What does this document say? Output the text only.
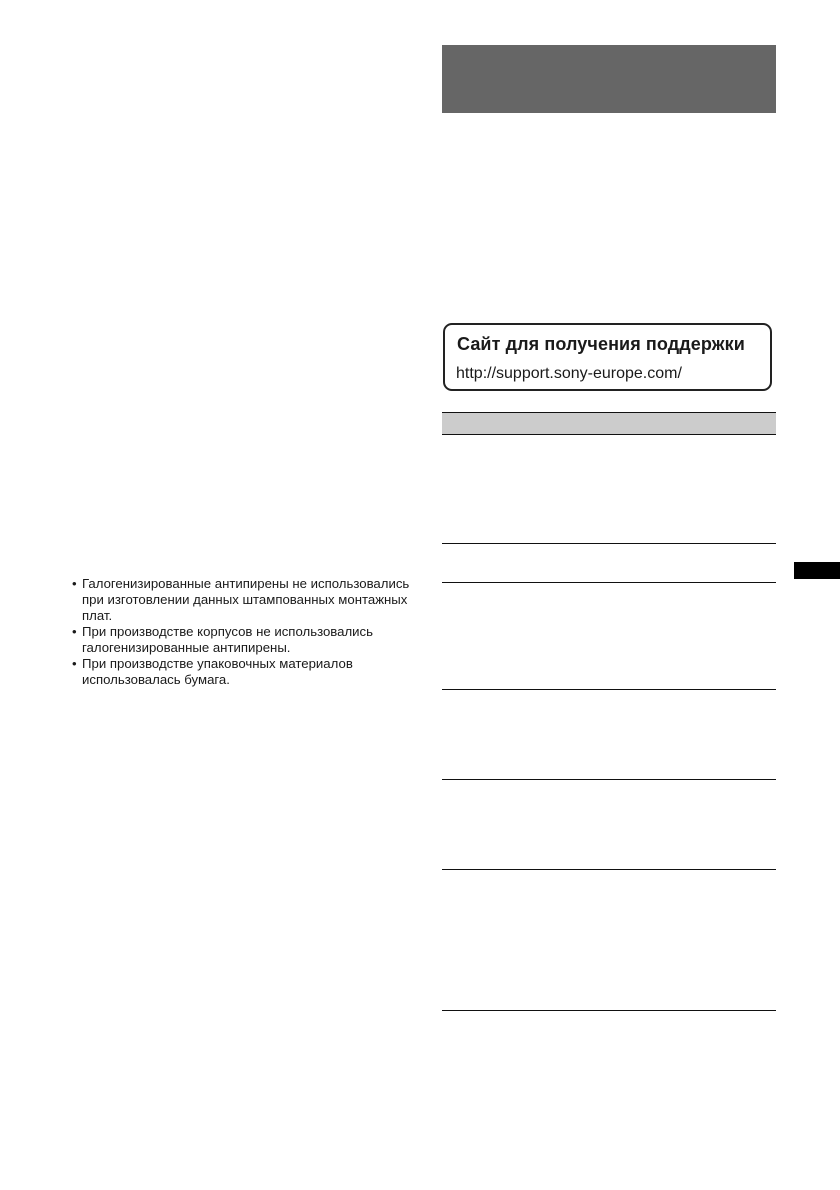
• Галогенизированные антипирены не использовались при изготовлении данных штампованных монтажных плат.
• При производстве корпусов не использовались галогенизированные антипирены.
• При производстве упаковочных материалов использовалась бумага.
Сайт для получения поддержки
http://support.sony-europe.com/
